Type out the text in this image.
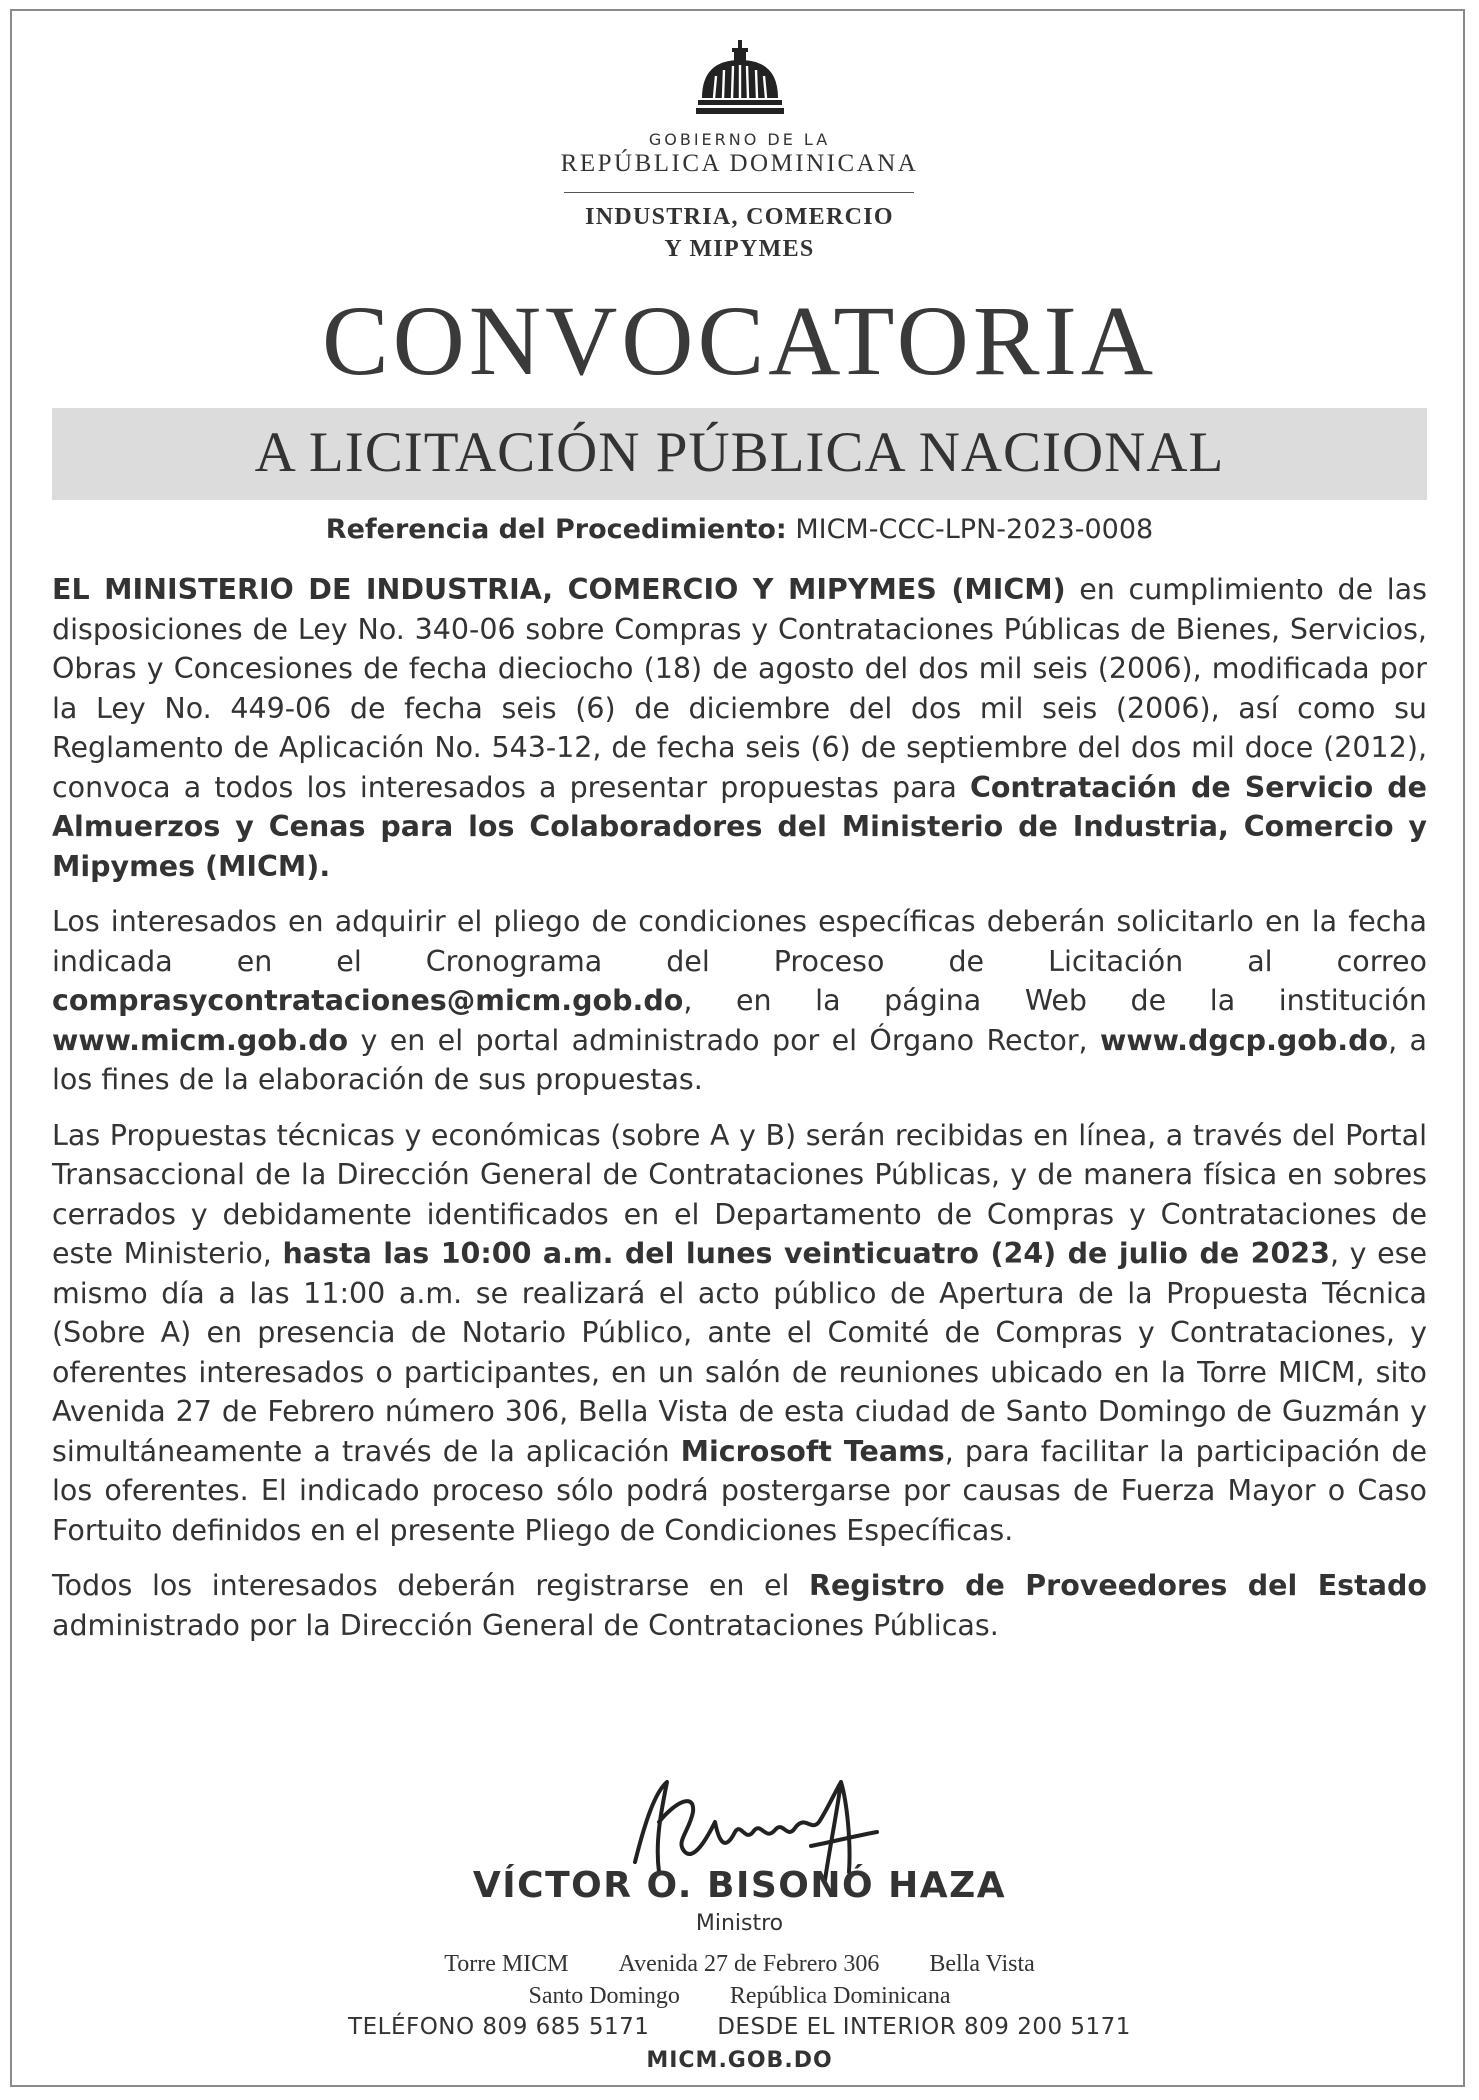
GOBIERNO DE LA
REPÚBLICA DOMINICANA
INDUSTRIA, COMERCIO
Y MIPYMES
CONVOCATORIA
A LICITACIÓN PÚBLICA NACIONAL
Referencia del Procedimiento: MICM-CCC-LPN-2023-0008

EL MINISTERIO DE INDUSTRIA, COMERCIO Y MIPYMES (MICM) en cumplimiento de las disposiciones de Ley No. 340-06 sobre Compras y Contrataciones Públicas de Bienes, Servicios, Obras y Concesiones de fecha dieciocho (18) de agosto del dos mil seis (2006), modificada por la Ley No. 449-06 de fecha seis (6) de diciembre del dos mil seis (2006), así como su Reglamento de Aplicación No. 543-12, de fecha seis (6) de septiembre del dos mil doce (2012), convoca a todos los interesados a presentar propuestas para Contratación de Servicio de Almuerzos y Cenas para los Colaboradores del Ministerio de Industria, Comercio y Mipymes (MICM).

Los interesados en adquirir el pliego de condiciones específicas deberán solicitarlo en la fecha indicada en el Cronograma del Proceso de Licitación al correo comprasycontrataciones@micm.gob.do, en la página Web de la institución www.micm.gob.do y en el portal administrado por el Órgano Rector, www.dgcp.gob.do, a los fines de la elaboración de sus propuestas.

Las Propuestas técnicas y económicas (sobre A y B) serán recibidas en línea, a través del Portal Transaccional de la Dirección General de Contrataciones Públicas, y de manera física en sobres cerrados y debidamente identificados en el Departamento de Compras y Contrataciones de este Ministerio, hasta las 10:00 a.m. del lunes veinticuatro (24) de julio de 2023, y ese mismo día a las 11:00 a.m. se realizará el acto público de Apertura de la Propuesta Técnica (Sobre A) en presencia de Notario Público, ante el Comité de Compras y Contrataciones, y oferentes interesados o participantes, en un salón de reuniones ubicado en la Torre MICM, sito Avenida 27 de Febrero número 306, Bella Vista de esta ciudad de Santo Domingo de Guzmán y simultáneamente a través de la aplicación Microsoft Teams, para facilitar la participación de los oferentes. El indicado proceso sólo podrá postergarse por causas de Fuerza Mayor o Caso Fortuito definidos en el presente Pliego de Condiciones Específicas.

Todos los interesados deberán registrarse en el Registro de Proveedores del Estado administrado por la Dirección General de Contrataciones Públicas.

VÍCTOR O. BISONÓ HAZA
Ministro
Torre MICM Avenida 27 de Febrero 306 Bella Vista
Santo Domingo República Dominicana
TELÉFONO 809 685 5171	DESDE EL INTERIOR 809 200 5171
MICM.GOB.DO
